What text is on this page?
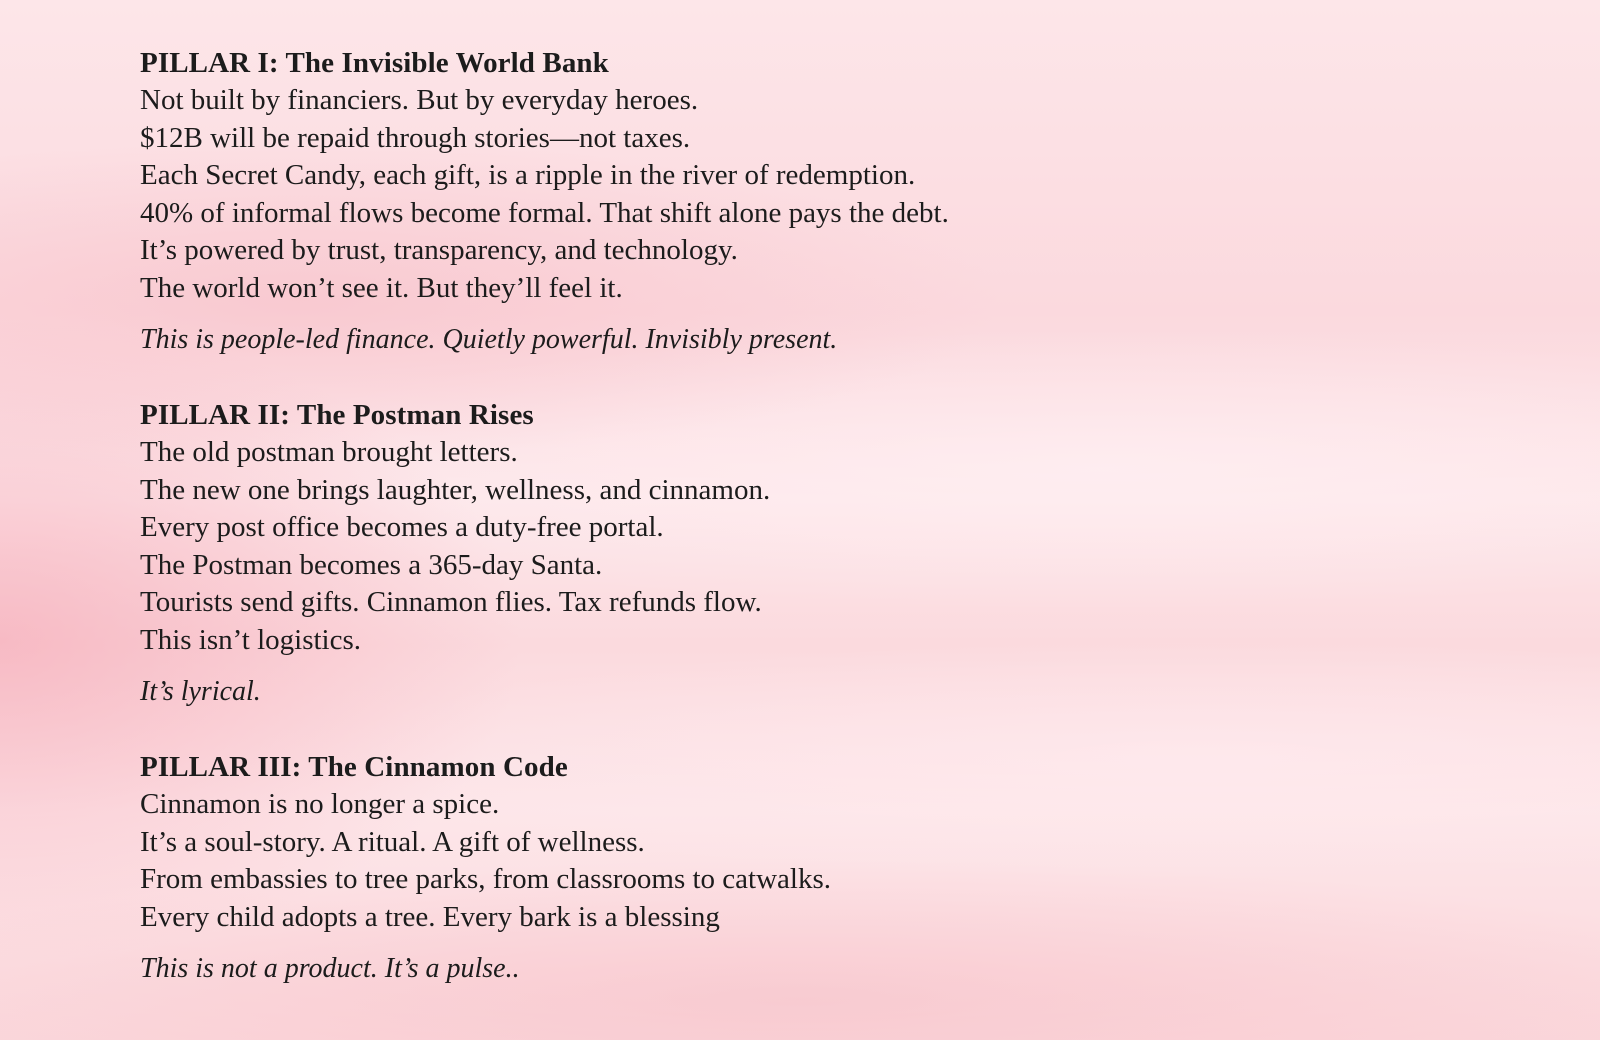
PILLAR I: The Invisible World Bank
Not built by financiers. But by everyday heroes.
$12B will be repaid through stories—not taxes.
Each Secret Candy, each gift, is a ripple in the river of redemption.
40% of informal flows become formal. That shift alone pays the debt.
It’s powered by trust, transparency, and technology.
The world won’t see it. But they’ll feel it.

This is people-led finance. Quietly powerful. Invisibly present.

PILLAR II: The Postman Rises
The old postman brought letters.
The new one brings laughter, wellness, and cinnamon.
Every post office becomes a duty-free portal.
The Postman becomes a 365-day Santa.
Tourists send gifts. Cinnamon flies. Tax refunds flow.
This isn’t logistics.

It’s lyrical.

PILLAR III: The Cinnamon Code
Cinnamon is no longer a spice.
It’s a soul-story. A ritual. A gift of wellness.
From embassies to tree parks, from classrooms to catwalks.
Every child adopts a tree. Every bark is a blessing

This is not a product. It’s a pulse..
